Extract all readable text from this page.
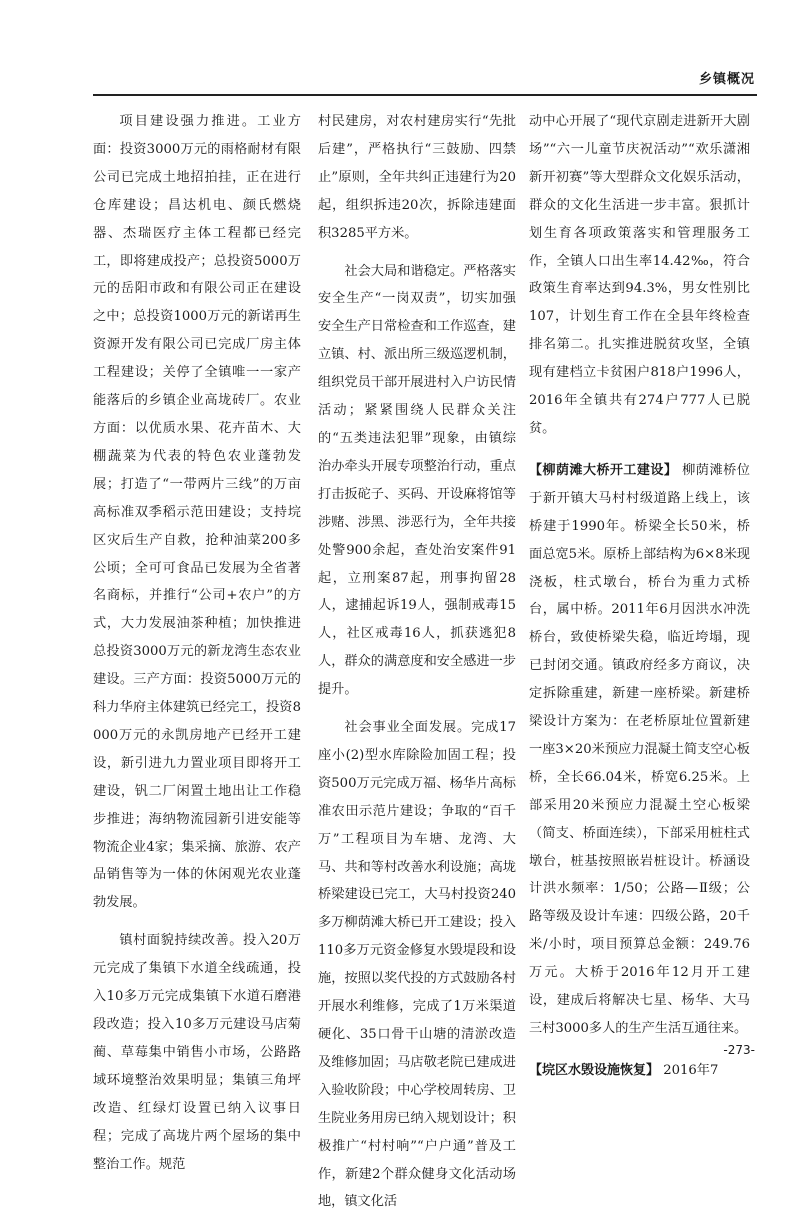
乡镇概况

项目建设强力推进。工业方面：投资3000万元的雨格耐材有限公司已完成土地招拍挂，正在进行仓库建设；昌达机电、颜氏燃烧器、杰瑞医疗主体工程都已经完工，即将建成投产；总投资5000万元的岳阳市政和有限公司正在建设之中；总投资1000万元的新诺再生资源开发有限公司已完成厂房主体工程建设；关停了全镇唯一一家产能落后的乡镇企业高垅砖厂。农业方面：以优质水果、花卉苗木、大棚蔬菜为代表的特色农业蓬勃发展；打造了“一带两片三线”的万亩高标准双季稻示范田建设；支持垸区灾后生产自救，抢种油菜200多公顷；全可可食品已发展为全省著名商标，并推行“公司+农户”的方式，大力发展油茶种植；加快推进总投资3000万元的新龙湾生态农业建设。三产方面：投资5000万元的科力华府主体建筑已经完工，投资8000万元的永凯房地产已经开工建设，新引进九力置业项目即将开工建设，钒二厂闲置土地出让工作稳步推进；海纳物流园新引进安能等物流企业4家；集采摘、旅游、农产品销售等为一体的休闲观光农业蓬勃发展。

镇村面貌持续改善。投入20万元完成了集镇下水道全线疏通，投入10多万元完成集镇下水道石磨港段改造；投入10多万元建设马店菊蔺、草莓集中销售小市场，公路路域环境整治效果明显；集镇三角坪改造、红绿灯设置已纳入议事日程；完成了高垅片两个屋场的集中整治工作。规范

村民建房，对农村建房实行“先批后建”，严格执行“三鼓励、四禁止”原则，全年共纠正违建行为20起，组织拆违20次，拆除违建面积3285平方米。

社会大局和谐稳定。严格落实安全生产“一岗双责”，切实加强安全生产日常检查和工作巡查，建立镇、村、派出所三级巡逻机制，组织党员干部开展进村入户访民情活动；紧紧围绕人民群众关注的“五类违法犯罪”现象，由镇综治办牵头开展专项整治行动，重点打击扳砣子、买码、开设麻将馆等涉赌、涉黑、涉恶行为，全年共接处警900余起，查处治安案件91起，立刑案87起，刑事拘留28人，逮捕起诉19人，强制戒毒15人，社区戒毒16人，抓获逃犯8人，群众的满意度和安全感进一步提升。

社会事业全面发展。完成17座小(2)型水库除险加固工程；投资500万元完成万福、杨华片高标准农田示范片建设；争取的“百千万”工程项目为车塘、龙湾、大马、共和等村改善水利设施；高垅桥梁建设已完工，大马村投资240多万柳荫滩大桥已开工建设；投入110多万元资金修复水毁堤段和设施，按照以奖代投的方式鼓励各村开展水利维修，完成了1万米渠道硬化、35口骨干山塘的清淤改造及维修加固；马店敬老院已建成进入验收阶段；中心学校周转房、卫生院业务用房已纳入规划设计；积极推广“村村响”“户户通”普及工作，新建2个群众健身文化活动场地，镇文化活

动中心开展了“现代京剧走进新开大剧场”“六一儿童节庆祝活动”“欢乐潇湘新开初赛”等大型群众文化娱乐活动，群众的文化生活进一步丰富。狠抓计划生育各项政策落实和管理服务工作，全镇人口出生率14.42‰，符合政策生育率达到94.3%，男女性别比107，计划生育工作在全县年终检查排名第二。扎实推进脱贫攻坚，全镇现有建档立卡贫困户818户1996人，2016年全镇共有274户777人已脱贫。

【柳荫滩大桥开工建设】 柳荫滩桥位于新开镇大马村村级道路上线上，该桥建于1990年。桥梁全长50米，桥面总宽5米。原桥上部结构为6×8米现浇板，柱式墩台，桥台为重力式桥台，属中桥。2011年6月因洪水冲洗桥台，致使桥梁失稳，临近垮塌，现已封闭交通。镇政府经多方商议，决定拆除重建，新建一座桥梁。新建桥梁设计方案为：在老桥原址位置新建一座3×20米预应力混凝土简支空心板桥，全长66.04米，桥宽6.25米。上部采用20米预应力混凝土空心板梁（简支、桥面连续），下部采用桩柱式墩台，桩基按照嵌岩桩设计。桥涵设计洪水频率：1/50；公路—Ⅱ级；公路等级及设计车速：四级公路，20千米/小时，项目预算总金额：249.76万元。大桥于2016年12月开工建设，建成后将解决七星、杨华、大马三村3000多人的生产生活互通往来。

【垸区水毁设施恢复】 2016年7

-273-
